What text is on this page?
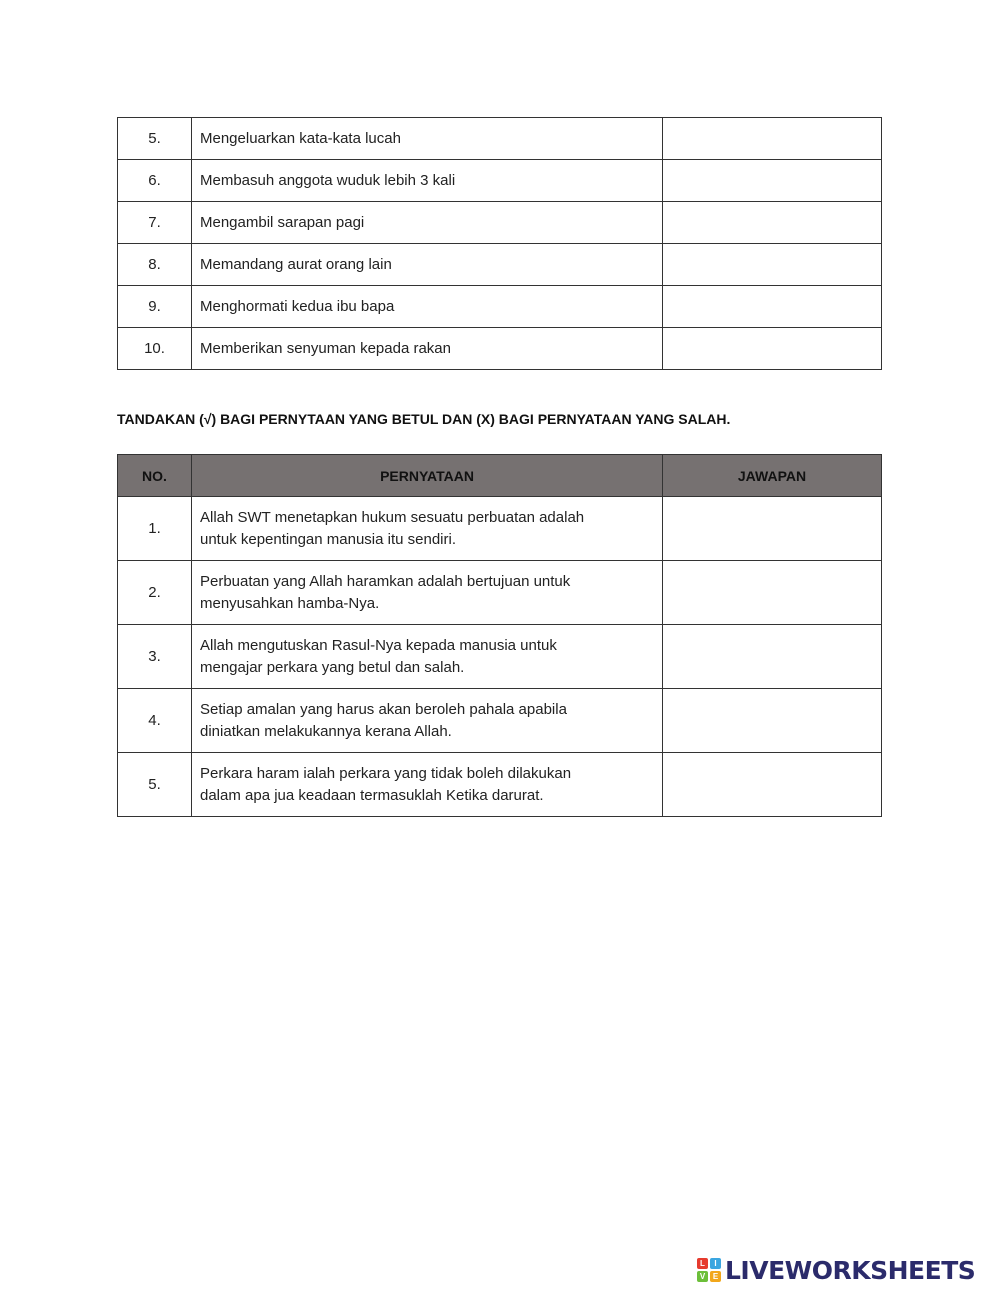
5.	Mengeluarkan kata-kata lucah	
6.	Membasuh anggota wuduk lebih 3 kali	
7.	Mengambil sarapan pagi	
8.	Memandang aurat orang lain	
9.	Menghormati kedua ibu bapa	
10.	Memberikan senyuman kepada rakan	
TANDAKAN (√) BAGI PERNYTAAN YANG BETUL DAN (X) BAGI PERNYATAAN YANG SALAH.
NO.	PERNYATAAN	JAWAPAN
1.	Allah SWT menetapkan hukum sesuatu perbuatan adalah
untuk kepentingan manusia itu sendiri.	
2.	Perbuatan yang Allah haramkan adalah bertujuan untuk
menyusahkan hamba-Nya.	
3.	Allah mengutuskan Rasul-Nya kepada manusia untuk
mengajar perkara yang betul dan salah.	
4.	Setiap amalan yang harus akan beroleh pahala apabila
diniatkan melakukannya kerana Allah.	
5.	Perkara haram ialah perkara yang tidak boleh dilakukan
dalam apa jua keadaan termasuklah Ketika darurat.	
L	I
V E LIVEWORKSHEETS
